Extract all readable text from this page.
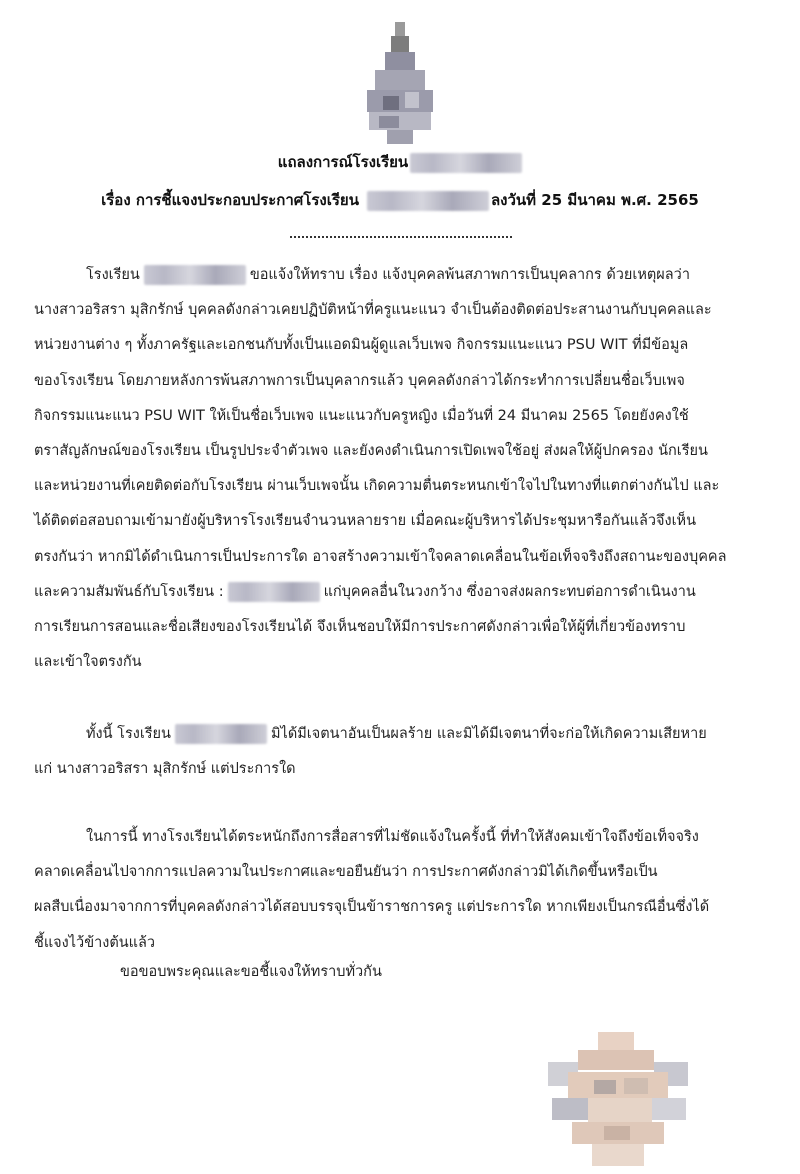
แถลงการณ์โรงเรียน
เรื่อง การชี้แจงประกอบประกาศโรงเรียน	ลงวันที่ 25 มีนาคม พ.ศ. 2565
โรงเรียน	ขอแจ้งให้ทราบ เรื่อง แจ้งบุคคลพ้นสภาพการเป็นบุคลากร ด้วยเหตุผลว่า
นางสาวอริสรา มุสิกรักษ์ บุคคลดังกล่าวเคยปฏิบัติหน้าที่ครูแนะแนว จำเป็นต้องติดต่อประสานงานกับบุคคลและ
หน่วยงานต่าง ๆ ทั้งภาครัฐและเอกชนกับทั้งเป็นแอดมินผู้ดูแลเว็บเพจ กิจกรรมแนะแนว PSU WIT ที่มีข้อมูล
ของโรงเรียน โดยภายหลังการพ้นสภาพการเป็นบุคลากรแล้ว บุคคลดังกล่าวได้กระทำการเปลี่ยนชื่อเว็บเพจ
กิจกรรมแนะแนว PSU WIT ให้เป็นชื่อเว็บเพจ แนะแนวกับครูหญิง เมื่อวันที่ 24 มีนาคม 2565 โดยยังคงใช้
ตราสัญลักษณ์ของโรงเรียน เป็นรูปประจำตัวเพจ และยังคงดำเนินการเปิดเพจใช้อยู่ ส่งผลให้ผู้ปกครอง นักเรียน
และหน่วยงานที่เคยติดต่อกับโรงเรียน ผ่านเว็บเพจนั้น เกิดความตื่นตระหนกเข้าใจไปในทางที่แตกต่างกันไป และ
ได้ติดต่อสอบถามเข้ามายังผู้บริหารโรงเรียนจำนวนหลายราย เมื่อคณะผู้บริหารได้ประชุมหารือกันแล้วจึงเห็น
ตรงกันว่า หากมิได้ดำเนินการเป็นประการใด อาจสร้างความเข้าใจคลาดเคลื่อนในข้อเท็จจริงถึงสถานะของบุคคล
และความสัมพันธ์กับโรงเรียน :	แก่บุคคลอื่นในวงกว้าง ซึ่งอาจส่งผลกระทบต่อการดำเนินงาน
การเรียนการสอนและชื่อเสียงของโรงเรียนได้ จึงเห็นชอบให้มีการประกาศดังกล่าวเพื่อให้ผู้ที่เกี่ยวข้องทราบ
และเข้าใจตรงกัน
ทั้งนี้ โรงเรียน	มิได้มีเจตนาอันเป็นผลร้าย และมิได้มีเจตนาที่จะก่อให้เกิดความเสียหาย
แก่ นางสาวอริสรา มุสิกรักษ์ แต่ประการใด
ในการนี้ ทางโรงเรียนได้ตระหนักถึงการสื่อสารที่ไม่ชัดแจ้งในครั้งนี้ ที่ทำให้สังคมเข้าใจถึงข้อเท็จจริง
คลาดเคลื่อนไปจากการแปลความในประกาศและขอยืนยันว่า การประกาศดังกล่าวมิได้เกิดขึ้นหรือเป็น
ผลสืบเนื่องมาจากการที่บุคคลดังกล่าวได้สอบบรรจุเป็นข้าราชการครู แต่ประการใด หากเพียงเป็นกรณีอื่นซึ่งได้
ชี้แจงไว้ข้างต้นแล้ว
ขอขอบพระคุณและขอชี้แจงให้ทราบทั่วกัน
